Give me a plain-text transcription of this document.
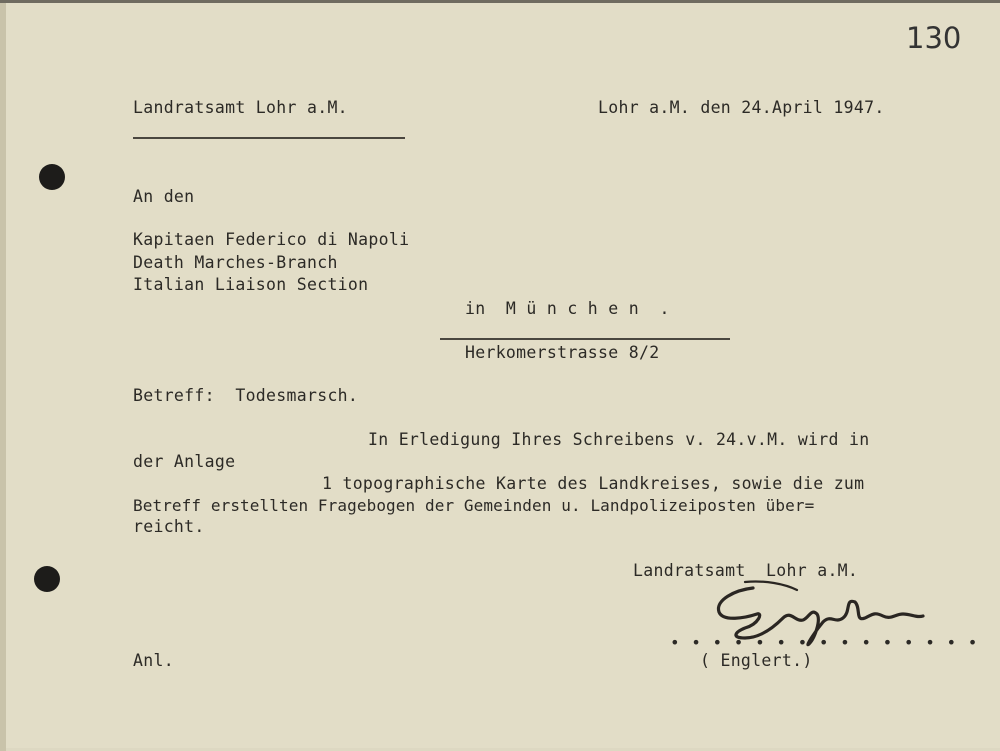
130
Landratsamt Lohr a.M.	Lohr a.M. den 24.April 1947.
An den
Kapitaen Federico di Napoli
Death Marches-Branch
Italian Liaison Section
in  M ü n c h e n  .
Herkomerstrasse 8/2
Betreff:  Todesmarsch.
In Erledigung Ihres Schreibens v. 24.v.M. wird in
der Anlage
1 topographische Karte des Landkreises, sowie die zum
Betreff erstellten Fragebogen der Gemeinden u. Landpolizeiposten über=
reicht.
Landratsamt  Lohr a.M.
• • • • • • • • • • • • • • •
( Englert.)
Anl.
